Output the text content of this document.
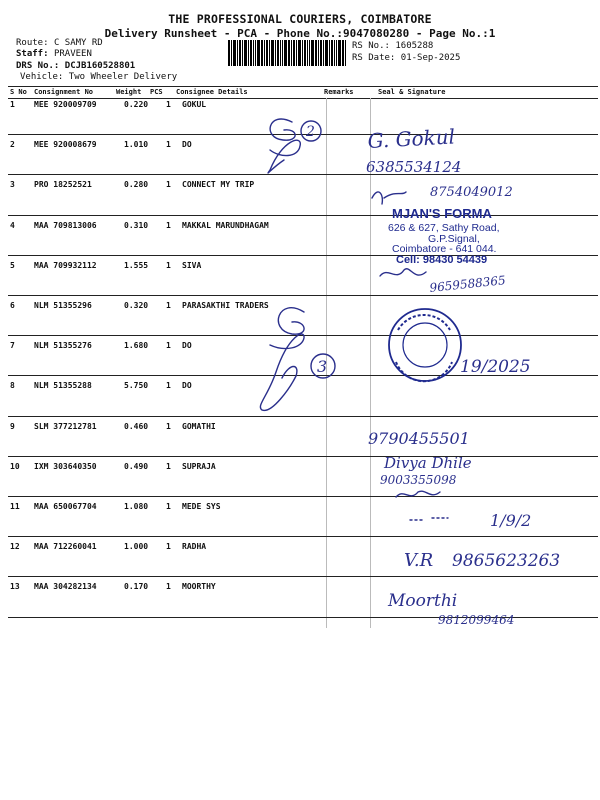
THE PROFESSIONAL COURIERS, COIMBATORE
Delivery Runsheet - PCA - Phone No.:9047080280 - Page No.:1
Route: C SAMY RD
Staff: PRAVEEN
DRS No.: DCJB160528801
Vehicle: Two Wheeler Delivery
RS No.: 1605288
RS Date: 01-Sep-2025
S No Consignment No	Weight PCS Consignee Details	Remarks	Seal & Signature
1 MEE 920009709	0.220 1 GOKUL
2 MEE 920008679	1.010 1 DO
3 PRO 18252521	0.280 1 CONNECT MY TRIP
4 MAA 709813006	0.310 1 MAKKAL MARUNDHAGAM
5 MAA 709932112	1.555 1 SIVA
6 NLM 51355296	0.320 1 PARASAKTHI TRADERS
7 NLM 51355276	1.680 1 DO
8 NLM 51355288	5.750 1 DO
9 SLM 377212781	0.460 1 GOMATHI
10 IXM 303640350	0.490 1 SUPRAJA
11 MAA 650067704	1.080 1 MEDE SYS
12 MAA 712260041	1.000 1 RADHA
13 MAA 304282134	0.170 1 MOORTHY
2
3
G. Gokul
6385534124
8754049012
MJAN'S FORMA
626 & 627, Sathy Road,
G.P.Signal,
Coimbatore - 641 044.
Cell: 98430 54439
9659588365
19/2025
9790455501
Divya Dhile
9003355098
1/9/2
V.R 9865623263
Moorthi
9812099464
